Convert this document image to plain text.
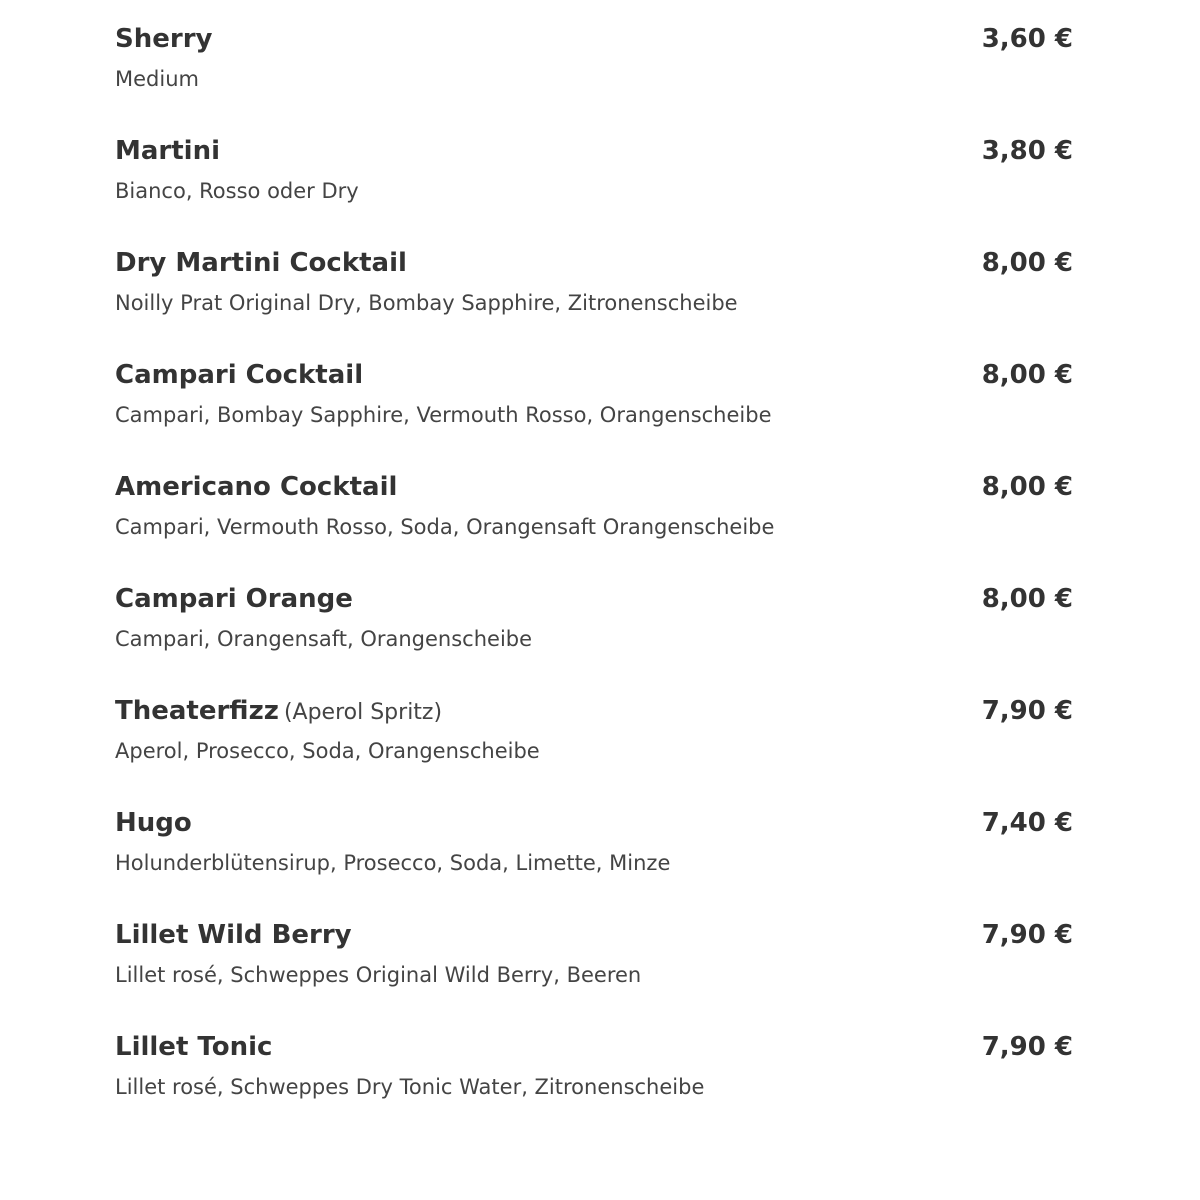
Sherry	3,60 €
Medium
Martini	3,80 €
Bianco, Rosso oder Dry
Dry Martini Cocktail	8,00 €
Noilly Prat Original Dry, Bombay Sapphire, Zitronenscheibe
Campari Cocktail	8,00 €
Campari, Bombay Sapphire, Vermouth Rosso, Orangenscheibe
Americano Cocktail	8,00 €
Campari, Vermouth Rosso, Soda, Orangensaft Orangenscheibe
Campari Orange	8,00 €
Campari, Orangensaft, Orangenscheibe
Theaterfizz (Aperol Spritz)	7,90 €
Aperol, Prosecco, Soda, Orangenscheibe
Hugo	7,40 €
Holunderblütensirup, Prosecco, Soda, Limette, Minze
Lillet Wild Berry	7,90 €
Lillet rosé, Schweppes Original Wild Berry, Beeren
Lillet Tonic	7,90 €
Lillet rosé, Schweppes Dry Tonic Water, Zitronenscheibe
